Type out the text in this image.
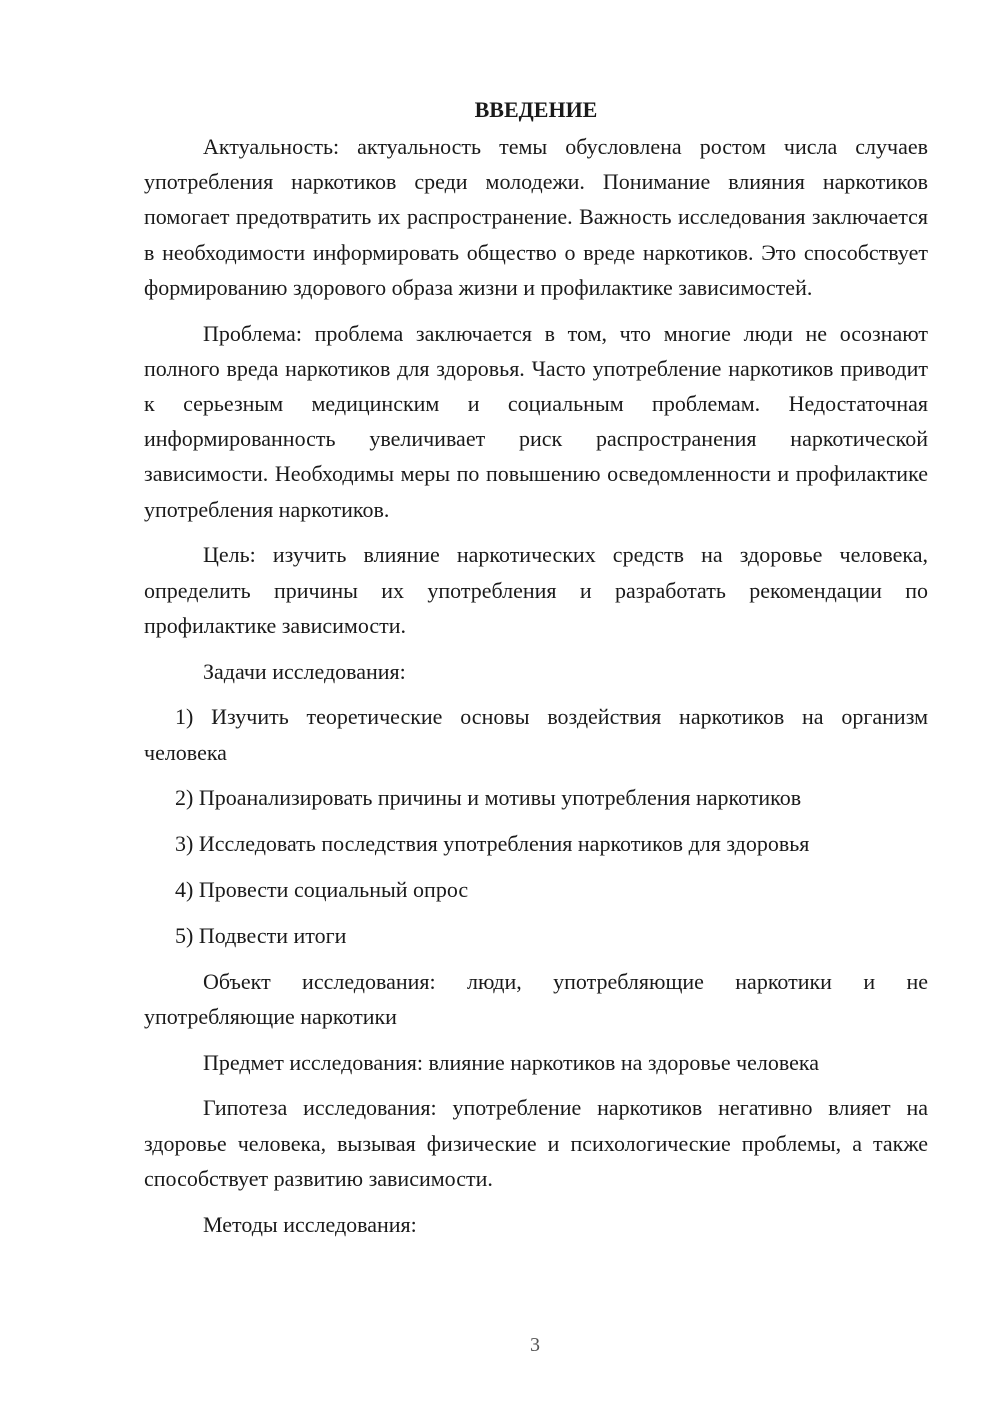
ВВЕДЕНИЕ

Актуальность: актуальность темы обусловлена ростом числа случаев употребления наркотиков среди молодежи. Понимание влияния наркотиков помогает предотвратить их распространение. Важность исследования заключается в необходимости информировать общество о вреде наркотиков. Это способствует формированию здорового образа жизни и профилактике зависимостей.

Проблема: проблема заключается в том, что многие люди не осознают полного вреда наркотиков для здоровья. Часто употребление наркотиков приводит к серьезным медицинским и социальным проблемам. Недостаточная информированность увеличивает риск распространения наркотической зависимости. Необходимы меры по повышению осведомленности и профилактике употребления наркотиков.

Цель: изучить влияние наркотических средств на здоровье человека, определить причины их употребления и разработать рекомендации по профилактике зависимости.

Задачи исследования:

1) Изучить теоретические основы воздействия наркотиков на организм человека

2) Проанализировать причины и мотивы употребления наркотиков

3) Исследовать последствия употребления наркотиков для здоровья

4) Провести социальный опрос

5) Подвести итоги

Объект исследования: люди, употребляющие наркотики и не употребляющие наркотики

Предмет исследования: влияние наркотиков на здоровье человека

Гипотеза исследования: употребление наркотиков негативно влияет на здоровье человека, вызывая физические и психологические проблемы, а также способствует развитию зависимости.

Методы исследования:

3
